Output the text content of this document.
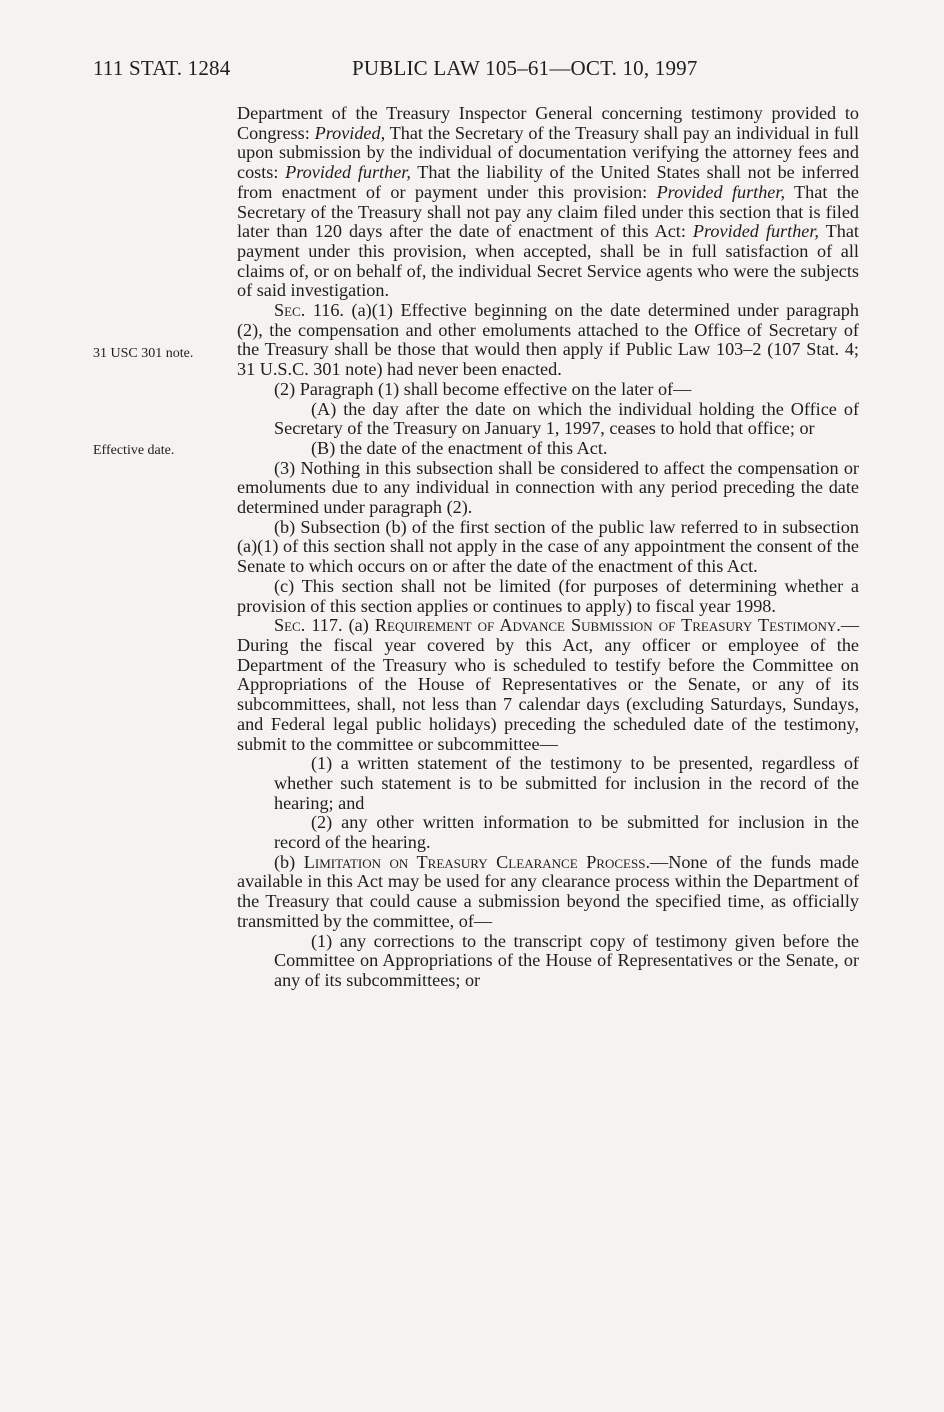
111 STAT. 1284	PUBLIC LAW 105–61—OCT. 10, 1997
31 USC 301 note.
Effective date.

Department of the Treasury Inspector General concerning testimony provided to Congress: Provided, That the Secretary of the Treasury shall pay an individual in full upon submission by the individual of documentation verifying the attorney fees and costs: Provided further, That the liability of the United States shall not be inferred from enactment of or payment under this provision: Provided further, That the Secretary of the Treasury shall not pay any claim filed under this section that is filed later than 120 days after the date of enactment of this Act: Provided further, That payment under this provision, when accepted, shall be in full satisfaction of all claims of, or on behalf of, the individual Secret Service agents who were the subjects of said investigation.

Sec. 116. (a)(1) Effective beginning on the date determined under paragraph (2), the compensation and other emoluments attached to the Office of Secretary of the Treasury shall be those that would then apply if Public Law 103–2 (107 Stat. 4; 31 U.S.C. 301 note) had never been enacted.

(2) Paragraph (1) shall become effective on the later of—

(A) the day after the date on which the individual holding the Office of Secretary of the Treasury on January 1, 1997, ceases to hold that office; or

(B) the date of the enactment of this Act.

(3) Nothing in this subsection shall be considered to affect the compensation or emoluments due to any individual in connection with any period preceding the date determined under paragraph (2).

(b) Subsection (b) of the first section of the public law referred to in subsection (a)(1) of this section shall not apply in the case of any appointment the consent of the Senate to which occurs on or after the date of the enactment of this Act.

(c) This section shall not be limited (for purposes of determining whether a provision of this section applies or continues to apply) to fiscal year 1998.

Sec. 117. (a) Requirement of Advance Submission of Treasury Testimony.—During the fiscal year covered by this Act, any officer or employee of the Department of the Treasury who is scheduled to testify before the Committee on Appropriations of the House of Representatives or the Senate, or any of its subcommittees, shall, not less than 7 calendar days (excluding Saturdays, Sundays, and Federal legal public holidays) preceding the scheduled date of the testimony, submit to the committee or subcommittee—

(1) a written statement of the testimony to be presented, regardless of whether such statement is to be submitted for inclusion in the record of the hearing; and

(2) any other written information to be submitted for inclusion in the record of the hearing.

(b) Limitation on Treasury Clearance Process.—None of the funds made available in this Act may be used for any clearance process within the Department of the Treasury that could cause a submission beyond the specified time, as officially transmitted by the committee, of—

(1) any corrections to the transcript copy of testimony given before the Committee on Appropriations of the House of Representatives or the Senate, or any of its subcommittees; or
